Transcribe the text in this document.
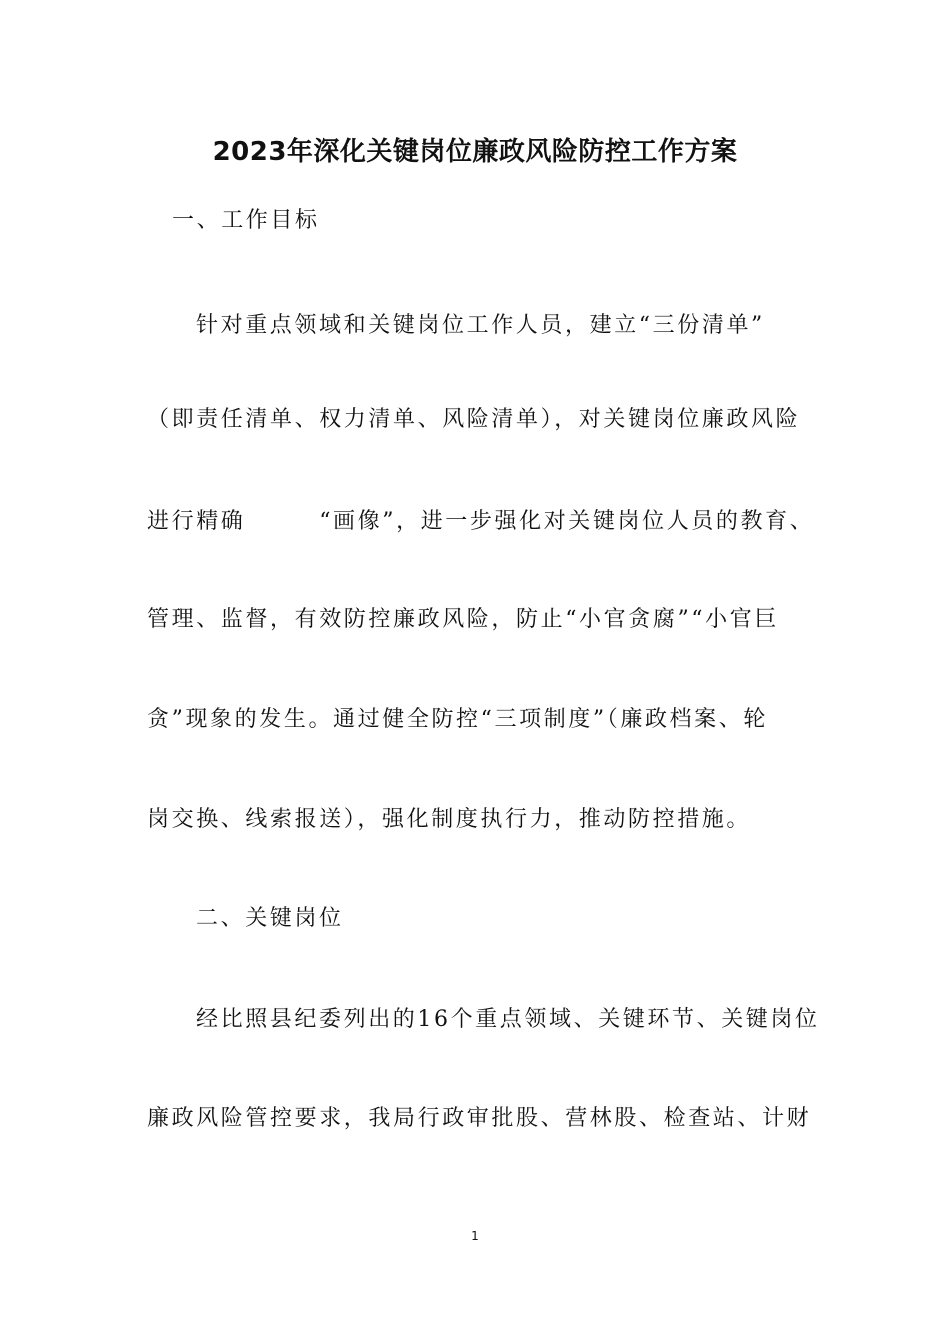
2023年深化关键岗位廉政风险防控工作方案
一、工作目标
针对重点领域和关键岗位工作人员，建立“三份清单”
（即责任清单、权力清单、风险清单），对关键岗位廉政风险
进行精确　　　“画像”，进一步强化对关键岗位人员的教育、
管理、监督，有效防控廉政风险，防止“小官贪腐”“小官巨
贪”现象的发生。通过健全防控“三项制度”（廉政档案、轮
岗交换、线索报送），强化制度执行力，推动防控措施。
二、关键岗位
经比照县纪委列出的16个重点领域、关键环节、关键岗位
廉政风险管控要求，我局行政审批股、营林股、检查站、计财
1
